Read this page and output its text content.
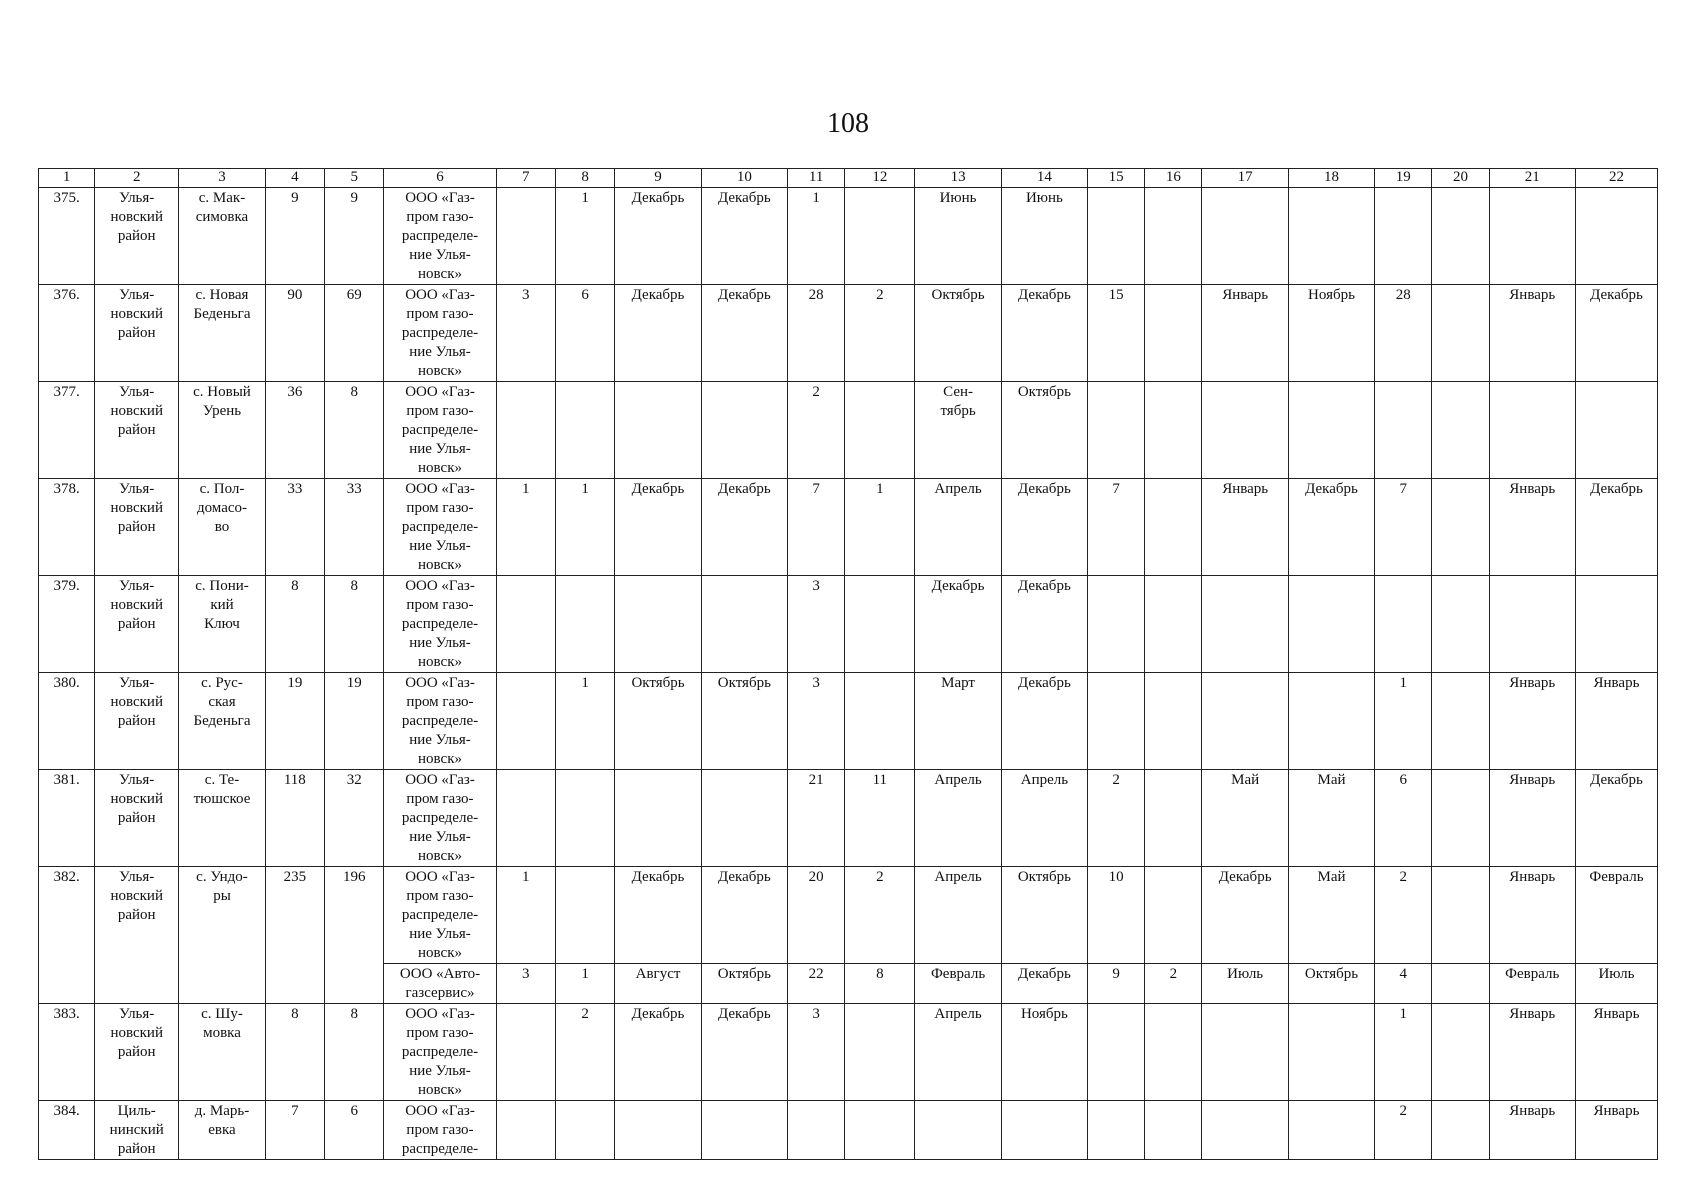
108
1	2	3	4	5	6	7	8	9	10	11	12	13	14	15	16	17	18	19	20	21	22
375.	Улья-
новский
район	с. Мак-
симовка	9	9	ООО «Газ-
пром газо-
распределе-
ние Улья-
новск»		1	Декабрь	Декабрь	1		Июнь	Июнь								
376.	Улья-
новский
район	с. Новая
Беденьга	90	69	ООО «Газ-
пром газо-
распределе-
ние Улья-
новск»	3	6	Декабрь	Декабрь	28	2	Октябрь	Декабрь	15		Январь	Ноябрь	28		Январь	Декабрь
377.	Улья-
новский
район	с. Новый
Урень	36	8	ООО «Газ-
пром газо-
распределе-
ние Улья-
новск»					2		Сен-
тябрь	Октябрь								
378.	Улья-
новский
район	с. Пол-
домасо-
во	33	33	ООО «Газ-
пром газо-
распределе-
ние Улья-
новск»	1	1	Декабрь	Декабрь	7	1	Апрель	Декабрь	7		Январь	Декабрь	7		Январь	Декабрь
379.	Улья-
новский
район	с. Пони-
кий
Ключ	8	8	ООО «Газ-
пром газо-
распределе-
ние Улья-
новск»					3		Декабрь	Декабрь								
380.	Улья-
новский
район	с. Рус-
ская
Беденьга	19	19	ООО «Газ-
пром газо-
распределе-
ние Улья-
новск»		1	Октябрь	Октябрь	3		Март	Декабрь					1		Январь	Январь
381.	Улья-
новский
район	с. Те-
тюшское	118	32	ООО «Газ-
пром газо-
распределе-
ние Улья-
новск»					21	11	Апрель	Апрель	2		Май	Май	6		Январь	Декабрь
382.	Улья-
новский
район	с. Ундо-
ры	235	196	ООО «Газ-
пром газо-
распределе-
ние Улья-
новск»	1		Декабрь	Декабрь	20	2	Апрель	Октябрь	10		Декабрь	Май	2		Январь	Февраль
					ООО «Авто-
газсервис»	3	1	Август	Октябрь	22	8	Февраль	Декабрь	9	2	Июль	Октябрь	4		Февраль	Июль
383.	Улья-
новский
район	с. Шу-
мовка	8	8	ООО «Газ-
пром газо-
распределе-
ние Улья-
новск»		2	Декабрь	Декабрь	3		Апрель	Ноябрь					1		Январь	Январь
384.	Циль-
нинский
район	д. Марь-
евка	7	6	ООО «Газ-
пром газо-
распределе-													2		Январь	Январь
